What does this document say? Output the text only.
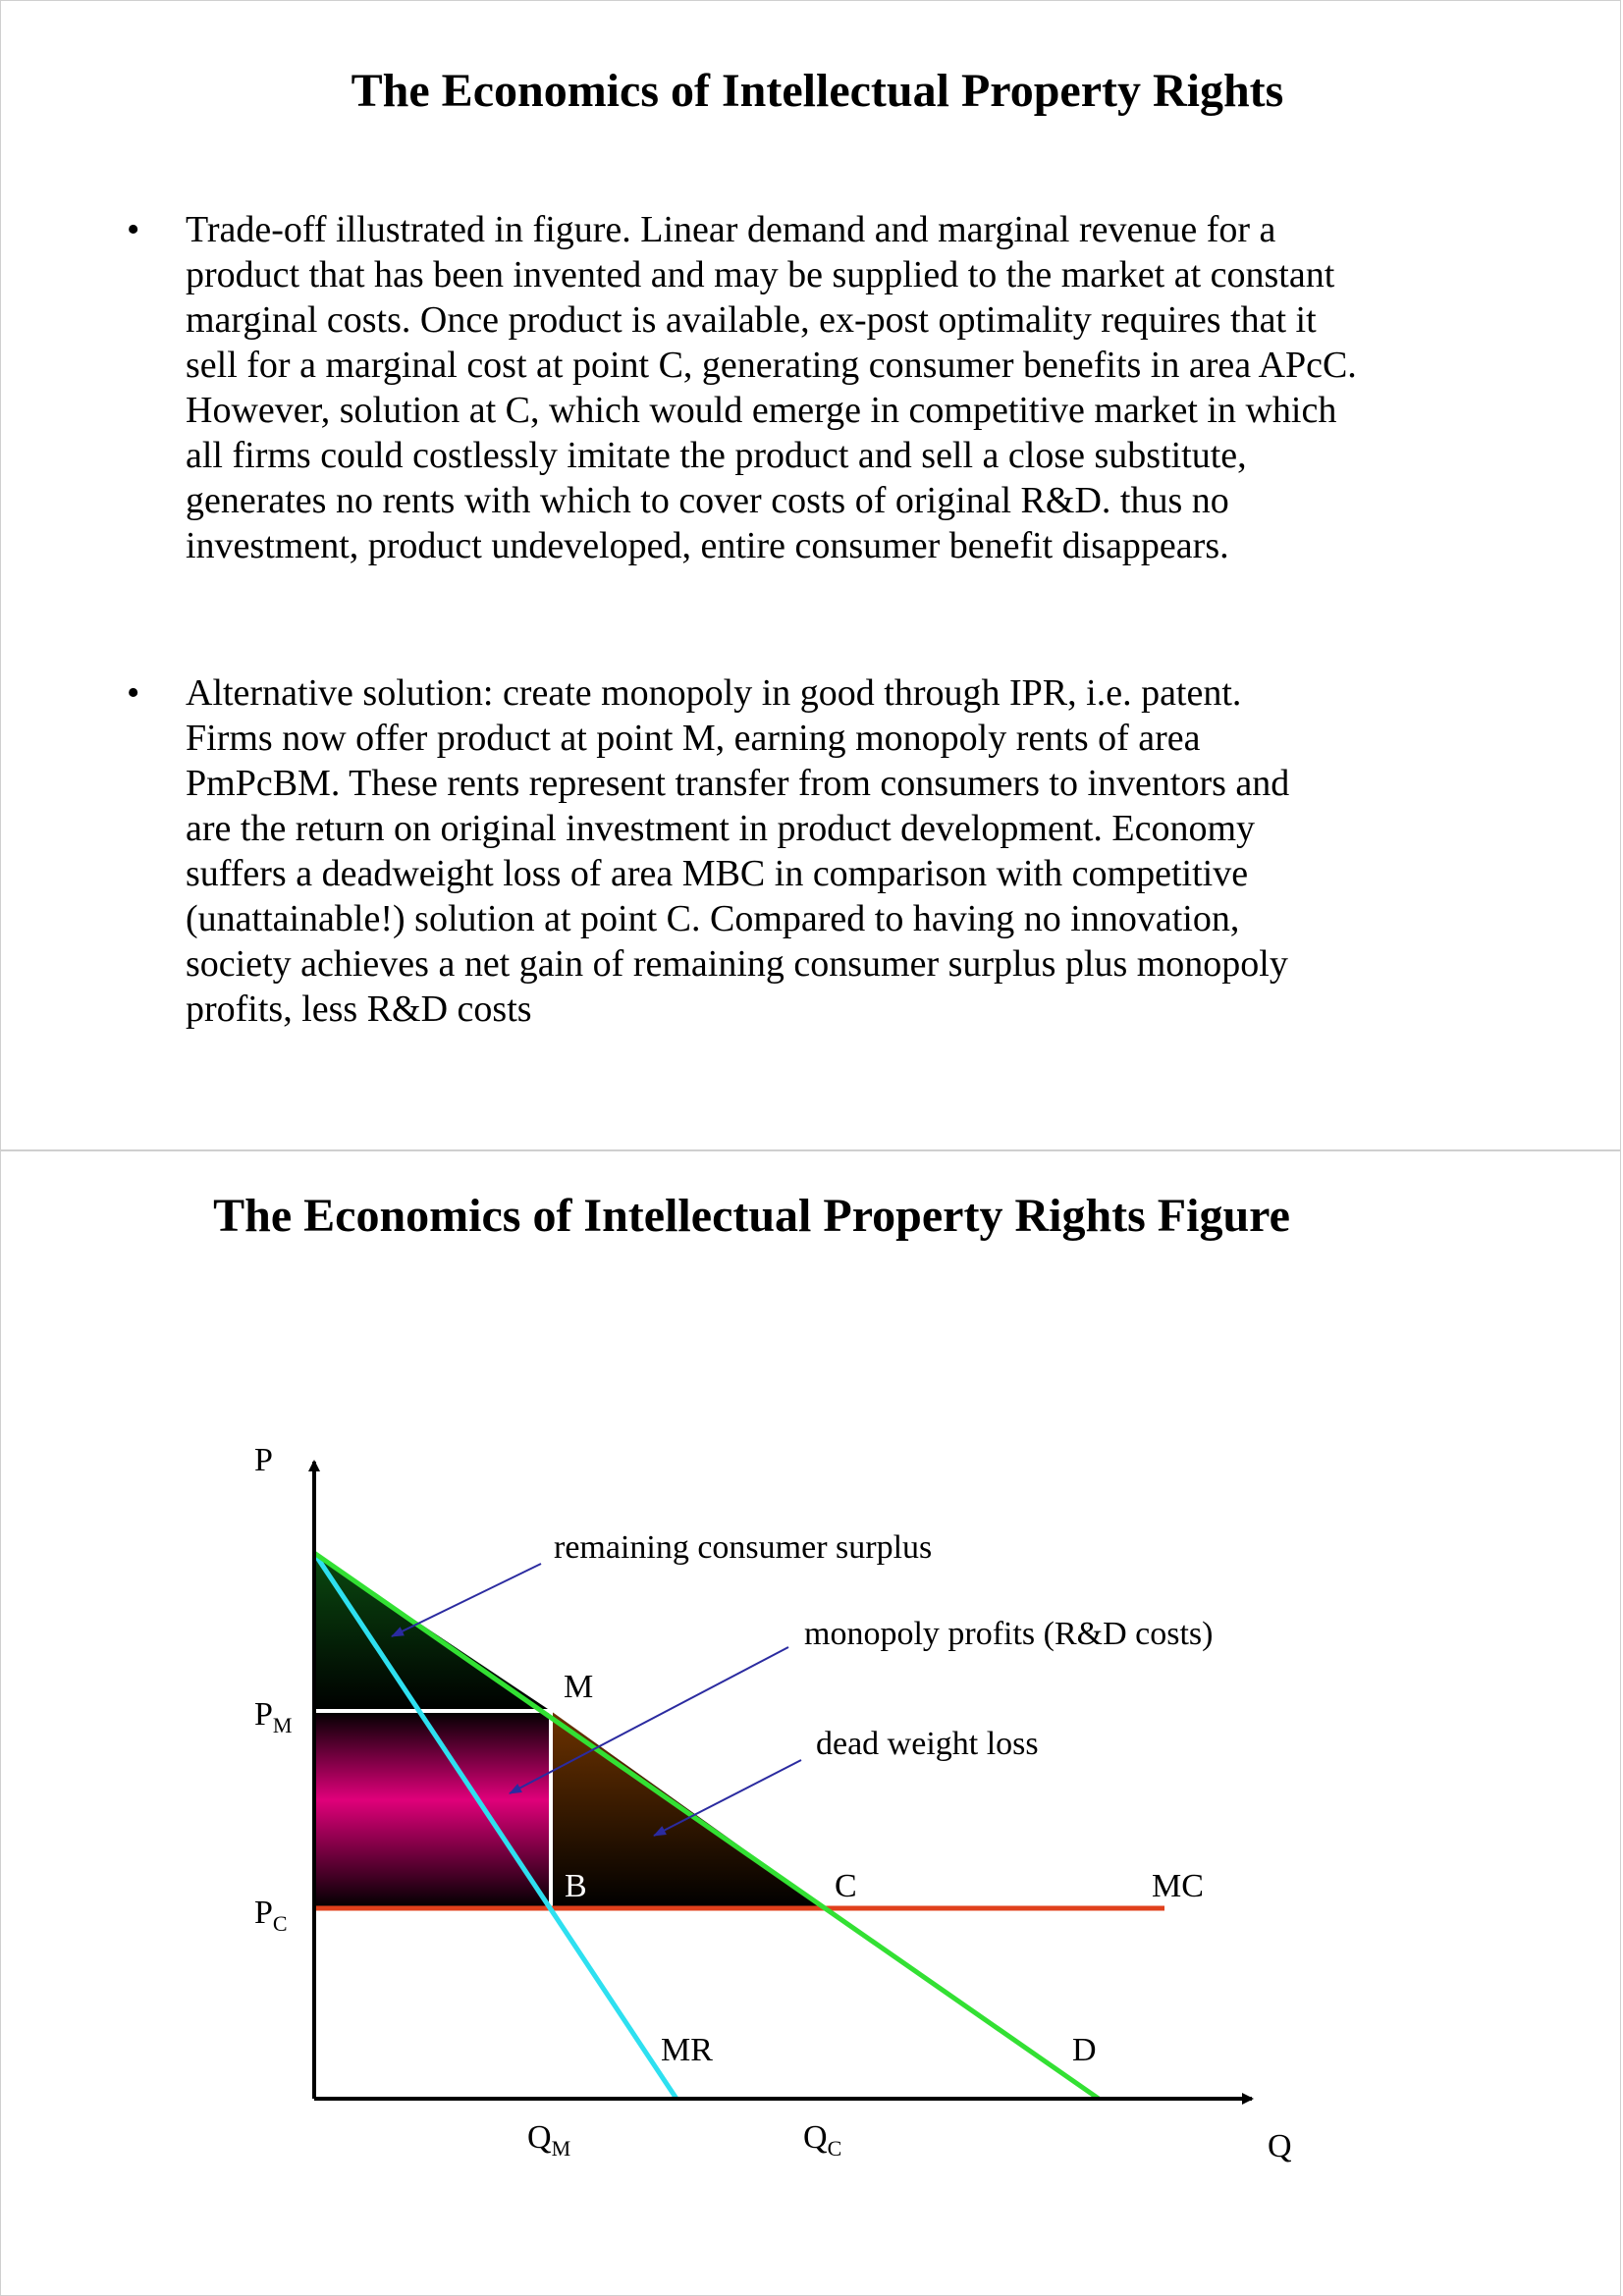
The Economics of Intellectual Property Rights
• Trade-off illustrated in figure. Linear demand and marginal revenue for a
product that has been invented and may be supplied to the market at constant
marginal costs. Once product is available, ex-post optimality requires that it
sell for a marginal cost at point C, generating consumer benefits in area APcC.
However, solution at C, which would emerge in competitive market in which
all firms could costlessly imitate the product and sell a close substitute,
generates no rents with which to cover costs of original R&D. thus no
investment, product undeveloped, entire consumer benefit disappears.

• Alternative solution: create monopoly in good through IPR, i.e. patent.
Firms now offer product at point M, earning monopoly rents of area
PmPcBM. These rents represent transfer from consumers to inventors and
are the return on original investment in product development. Economy
suffers a deadweight loss of area MBC in comparison with competitive
(unattainable!) solution at point C. Compared to having no innovation,
society achieves a net gain of remaining consumer surplus plus monopoly
profits, less R&D costs

The Economics of Intellectual Property Rights Figure
P
Q
$P_M$
$P_C$
$Q_M$	$Q_C$
M
B	C	MC
MR	D
remaining consumer surplus
monopoly profits (R&D costs)
dead weight loss
